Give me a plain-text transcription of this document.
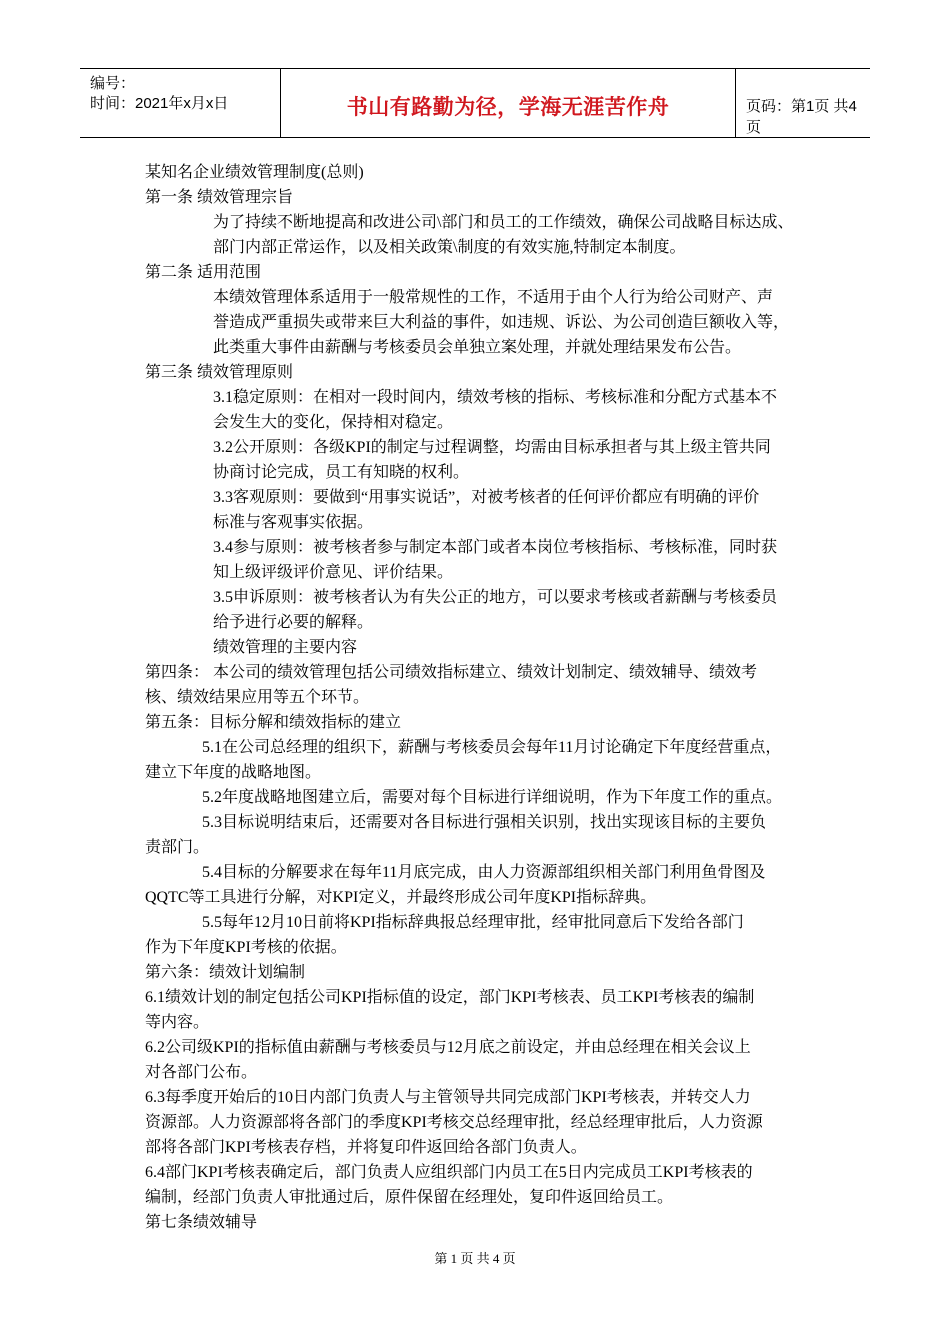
编号：
时间：2021年x月x日	书山有路勤为径，学海无涯苦作舟	页码：第1页 共4页
某知名企业绩效管理制度(总则)
第一条 绩效管理宗旨
为了持续不断地提高和改进公司\部门和员工的工作绩效，确保公司战略目标达成、
部门内部正常运作，以及相关政策\制度的有效实施,特制定本制度。
第二条 适用范围
本绩效管理体系适用于一般常规性的工作，不适用于由个人行为给公司财产、声
誉造成严重损失或带来巨大利益的事件，如违规、诉讼、为公司创造巨额收入等，
此类重大事件由薪酬与考核委员会单独立案处理，并就处理结果发布公告。
第三条 绩效管理原则
3.1稳定原则：在相对一段时间内，绩效考核的指标、考核标准和分配方式基本不
会发生大的变化，保持相对稳定。
3.2公开原则：各级KPI的制定与过程调整，均需由目标承担者与其上级主管共同
协商讨论完成，员工有知晓的权利。
3.3客观原则：要做到“用事实说话”，对被考核者的任何评价都应有明确的评价
标准与客观事实依据。
3.4参与原则：被考核者参与制定本部门或者本岗位考核指标、考核标准，同时获
知上级评级评价意见、评价结果。
3.5申诉原则：被考核者认为有失公正的地方，可以要求考核或者薪酬与考核委员
给予进行必要的解释。
绩效管理的主要内容
第四条： 本公司的绩效管理包括公司绩效指标建立、绩效计划制定、绩效辅导、绩效考
核、绩效结果应用等五个环节。
第五条：目标分解和绩效指标的建立
5.1在公司总经理的组织下，薪酬与考核委员会每年11月讨论确定下年度经营重点，
建立下年度的战略地图。
5.2年度战略地图建立后，需要对每个目标进行详细说明，作为下年度工作的重点。
5.3目标说明结束后，还需要对各目标进行强相关识别，找出实现该目标的主要负
责部门。
5.4目标的分解要求在每年11月底完成，由人力资源部组织相关部门利用鱼骨图及
QQTC等工具进行分解，对KPI定义，并最终形成公司年度KPI指标辞典。
5.5每年12月10日前将KPI指标辞典报总经理审批，经审批同意后下发给各部门
作为下年度KPI考核的依据。
第六条：绩效计划编制
6.1绩效计划的制定包括公司KPI指标值的设定，部门KPI考核表、员工KPI考核表的编制
等内容。
6.2公司级KPI的指标值由薪酬与考核委员与12月底之前设定，并由总经理在相关会议上
对各部门公布。
6.3每季度开始后的10日内部门负责人与主管领导共同完成部门KPI考核表，并转交人力
资源部。人力资源部将各部门的季度KPI考核交总经理审批，经总经理审批后，人力资源
部将各部门KPI考核表存档，并将复印件返回给各部门负责人。
6.4部门KPI考核表确定后，部门负责人应组织部门内员工在5日内完成员工KPI考核表的
编制，经部门负责人审批通过后，原件保留在经理处，复印件返回给员工。
第七条绩效辅导
第 1 页 共 4 页
